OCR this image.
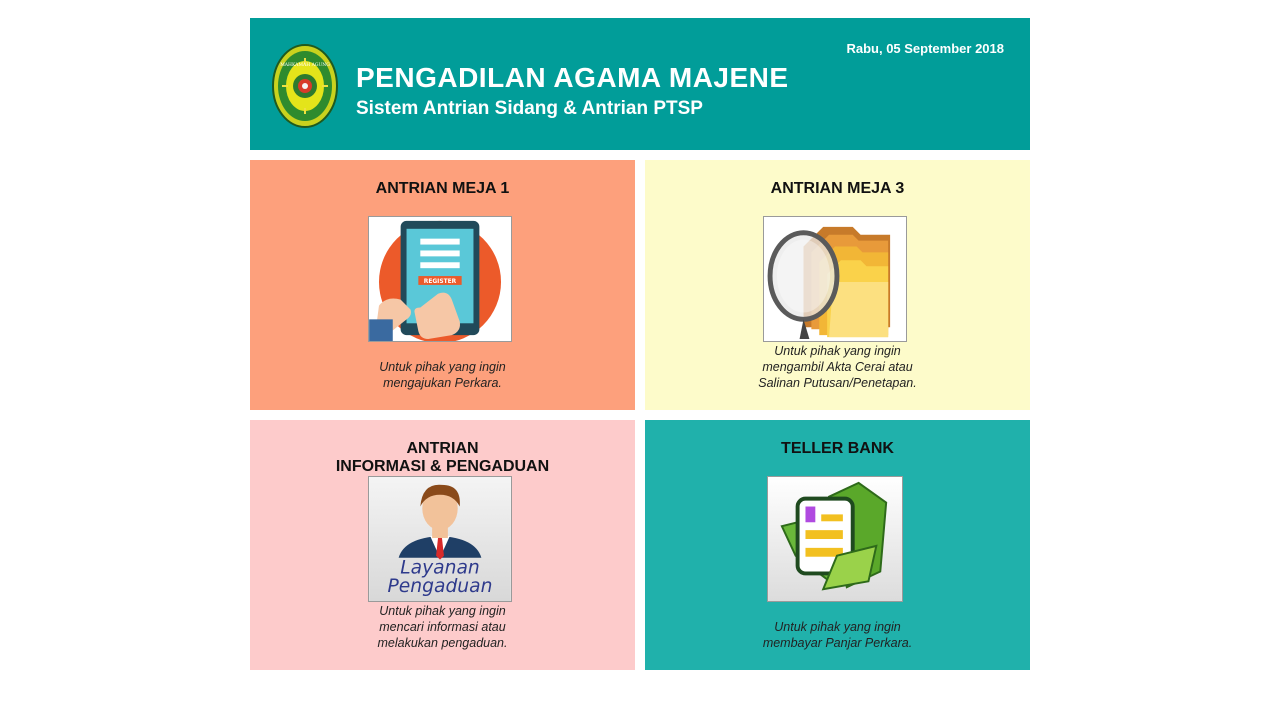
MAHKAMAH AGUNG PENGADILAN AGAMA MAJENE
Sistem Antrian Sidang & Antrian PTSP
Rabu, 05 September 2018
ANTRIAN MEJA 1
REGISTER
Untuk pihak yang ingin
mengajukan Perkara.
ANTRIAN MEJA 3
Untuk pihak yang ingin
mengambil Akta Cerai atau
Salinan Putusan/Penetapan.
ANTRIAN
INFORMASI & PENGADUAN
Layanan
Pengaduan
Untuk pihak yang ingin
mencari informasi atau
melakukan pengaduan.
TELLER BANK
Untuk pihak yang ingin
membayar Panjar Perkara.
